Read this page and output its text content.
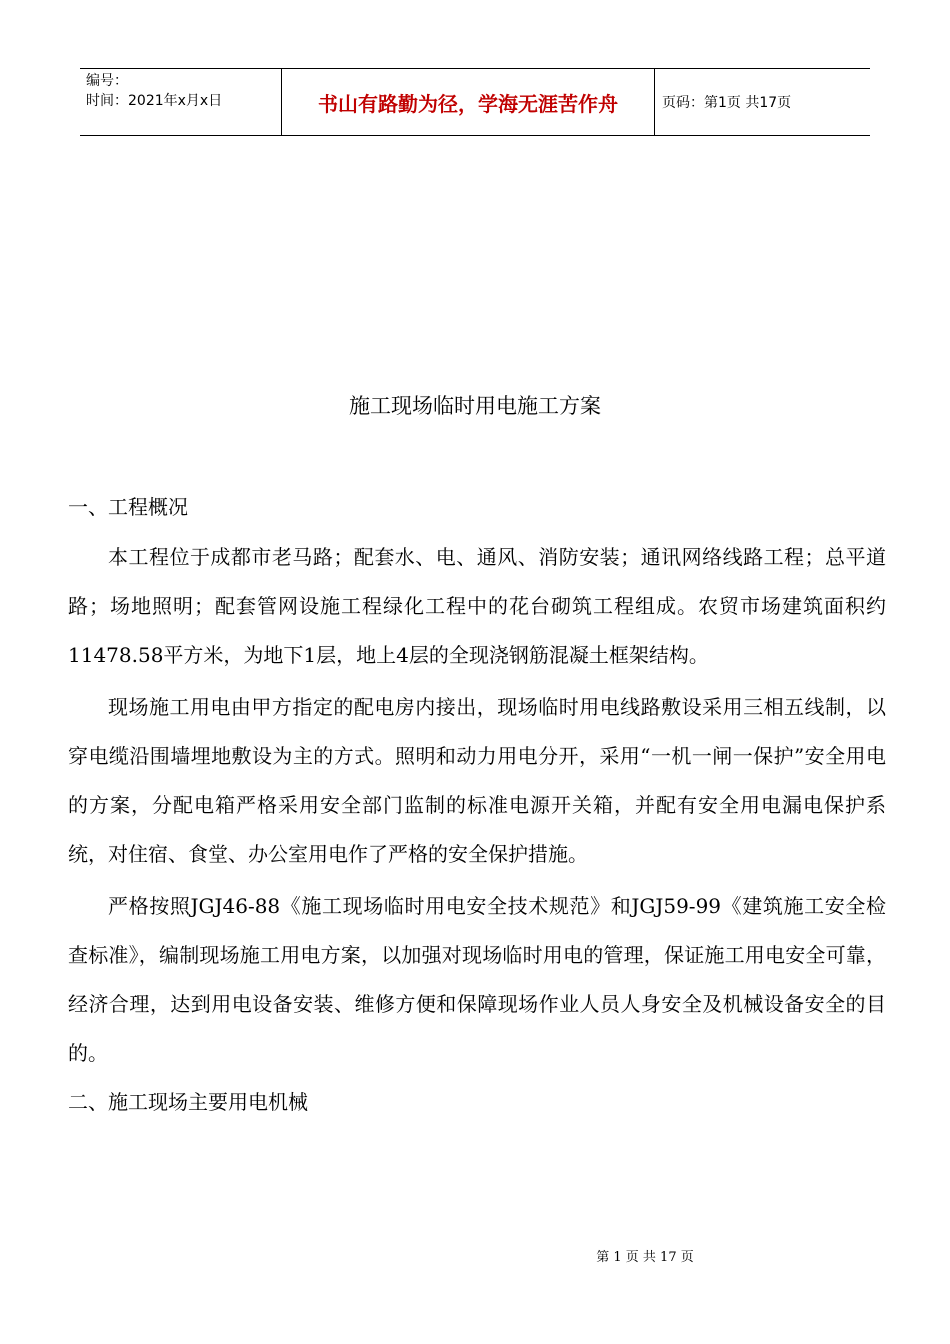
编号：
时间：2021年x月x日	书山有路勤为径，学海无涯苦作舟	页码：第1页 共17页
施工现场临时用电施工方案
一、工程概况
本工程位于成都市老马路；配套水、电、通风、消防安装；通讯网络线路工程；总平道路；场地照明；配套管网设施工程绿化工程中的花台砌筑工程组成。农贸市场建筑面积约11478.58平方米，为地下1层，地上4层的全现浇钢筋混凝土框架结构。
现场施工用电由甲方指定的配电房内接出，现场临时用电线路敷设采用三相五线制，以穿电缆沿围墙埋地敷设为主的方式。照明和动力用电分开，采用“一机一闸一保护”安全用电的方案，分配电箱严格采用安全部门监制的标准电源开关箱，并配有安全用电漏电保护系统，对住宿、食堂、办公室用电作了严格的安全保护措施。
严格按照JGJ46-88《施工现场临时用电安全技术规范》和JGJ59-99《建筑施工安全检查标准》，编制现场施工用电方案，以加强对现场临时用电的管理，保证施工用电安全可靠，经济合理，达到用电设备安装、维修方便和保障现场作业人员人身安全及机械设备安全的目的。
二、施工现场主要用电机械
第 1 页 共 17 页
